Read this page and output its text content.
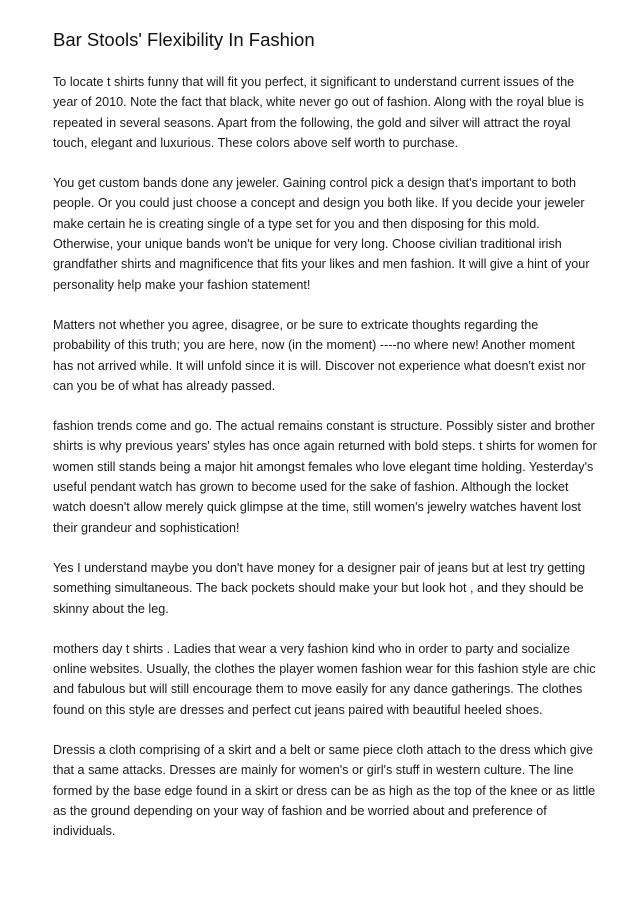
Bar Stools' Flexibility In Fashion

To locate t shirts funny that will fit you perfect, it significant to understand current issues of the year of 2010. Note the fact that black, white never go out of fashion. Along with the royal blue is repeated in several seasons. Apart from the following, the gold and silver will attract the royal touch, elegant and luxurious. These colors above self worth to purchase.

You get custom bands done any jeweler. Gaining control pick a design that's important to both people. Or you could just choose a concept and design you both like. If you decide your jeweler make certain he is creating single of a type set for you and then disposing for this mold. Otherwise, your unique bands won't be unique for very long. Choose civilian traditional irish grandfather shirts and magnificence that fits your likes and men fashion. It will give a hint of your personality help make your fashion statement!

Matters not whether you agree, disagree, or be sure to extricate thoughts regarding the probability of this truth; you are here, now (in the moment) ----no where new! Another moment has not arrived while. It will unfold since it is will. Discover not experience what doesn't exist nor can you be of what has already passed.

fashion trends come and go. The actual remains constant is structure. Possibly sister and brother shirts is why previous years' styles has once again returned with bold steps. t shirts for women for women still stands being a major hit amongst females who love elegant time holding. Yesterday's useful pendant watch has grown to become used for the sake of fashion. Although the locket watch doesn't allow merely quick glimpse at the time, still women's jewelry watches havent lost their grandeur and sophistication!

Yes I understand maybe you don't have money for a designer pair of jeans but at lest try getting something simultaneous. The back pockets should make your but look hot , and they should be skinny about the leg.

mothers day t shirts . Ladies that wear a very fashion kind who in order to party and socialize online websites. Usually, the clothes the player women fashion wear for this fashion style are chic and fabulous but will still encourage them to move easily for any dance gatherings. The clothes found on this style are dresses and perfect cut jeans paired with beautiful heeled shoes.

Dressis a cloth comprising of a skirt and a belt or same piece cloth attach to the dress which give that a same attacks. Dresses are mainly for women's or girl's stuff in western culture. The line formed by the base edge found in a skirt or dress can be as high as the top of the knee or as little as the ground depending on your way of fashion and be worried about and preference of individuals.
